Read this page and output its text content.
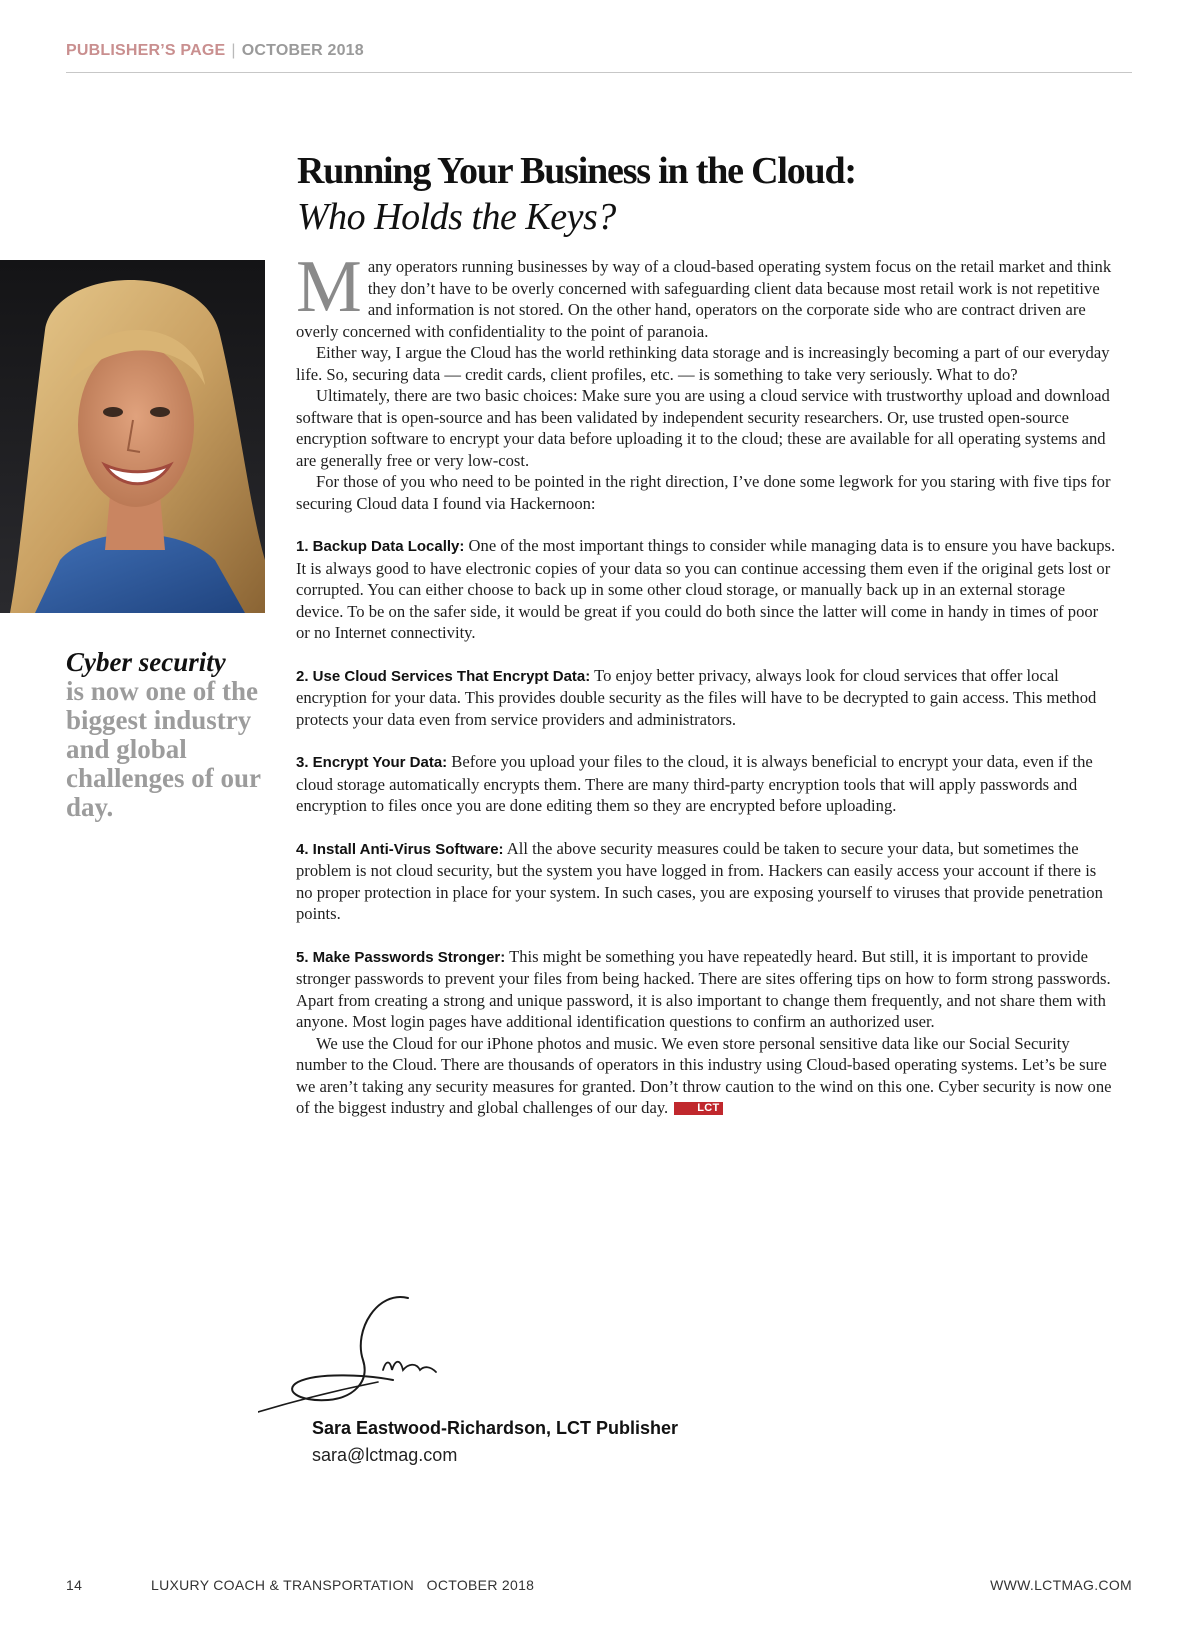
PUBLISHER’S PAGE | OCTOBER 2018
Cyber security
is now one of the biggest industry and global challenges of our day.
Running Your Business in the Cloud:
Who Holds the Keys?

Many operators running businesses by way of a cloud-based operating system focus on the retail market and think they don’t have to be overly concerned with safeguarding client data because most retail work is not repetitive and information is not stored. On the other hand, operators on the corporate side who are contract driven are overly concerned with confidentiality to the point of paranoia.

Either way, I argue the Cloud has the world rethinking data storage and is increasingly becoming a part of our everyday life. So, securing data — credit cards, client profiles, etc. — is something to take very seriously. What to do?

Ultimately, there are two basic choices: Make sure you are using a cloud service with trustworthy upload and download software that is open-source and has been validated by independent security researchers. Or, use trusted open-source encryption software to encrypt your data before uploading it to the cloud; these are available for all operating systems and are generally free or very low-cost.

For those of you who need to be pointed in the right direction, I’ve done some legwork for you staring with five tips for securing Cloud data I found via Hackernoon:

1. Backup Data Locally: One of the most important things to consider while managing data is to ensure you have backups. It is always good to have electronic copies of your data so you can continue accessing them even if the original gets lost or corrupted. You can either choose to back up in some other cloud storage, or manually back up in an external storage device. To be on the safer side, it would be great if you could do both since the latter will come in handy in times of poor or no Internet connectivity.

2. Use Cloud Services That Encrypt Data: To enjoy better privacy, always look for cloud services that offer local encryption for your data. This provides double security as the files will have to be decrypted to gain access. This method protects your data even from service providers and administrators.

3. Encrypt Your Data: Before you upload your files to the cloud, it is always beneficial to encrypt your data, even if the cloud storage automatically encrypts them. There are many third-party encryption tools that will apply passwords and encryption to files once you are done editing them so they are encrypted before uploading.

4. Install Anti-Virus Software: All the above security measures could be taken to secure your data, but sometimes the problem is not cloud security, but the system you have logged in from. Hackers can easily access your account if there is no proper protection in place for your system. In such cases, you are exposing yourself to viruses that provide penetration points.

5. Make Passwords Stronger: This might be something you have repeatedly heard. But still, it is important to provide stronger passwords to prevent your files from being hacked. There are sites offering tips on how to form strong passwords. Apart from creating a strong and unique password, it is also important to change them frequently, and not share them with anyone. Most login pages have additional identification questions to confirm an authorized user.

We use the Cloud for our iPhone photos and music. We even store personal sensitive data like our Social Security number to the Cloud. There are thousands of operators in this industry using Cloud-based operating systems. Let’s be sure we aren’t taking any security measures for granted. Don’t throw caution to the wind on this one. Cyber security is now one of the biggest industry and global challenges of our day.	LCT

Sara Eastwood-Richardson, LCT Publisher
sara@lctmag.com
14	LUXURY COACH & TRANSPORTATION   OCTOBER 2018	WWW.LCTMAG.COM
